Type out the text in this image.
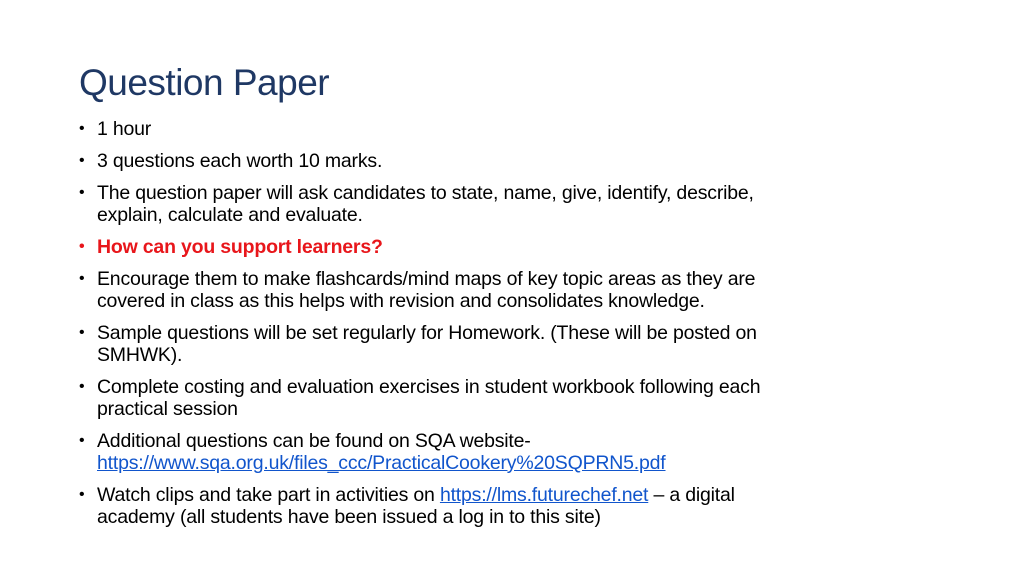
Question Paper
• 1 hour
• 3 questions each worth 10 marks.
• The question paper will ask candidates to state, name, give, identify, describe,
explain, calculate and evaluate.
• How can you support learners?
• Encourage them to make flashcards/mind maps of key topic areas as they are
covered in class as this helps with revision and consolidates knowledge.
• Sample questions will be set regularly for Homework. (These will be posted on
SMHWK).
• Complete costing and evaluation exercises in student workbook following each
practical session
• Additional questions can be found on SQA website-
https://www.sqa.org.uk/files_ccc/PracticalCookery%20SQPRN5.pdf
• Watch clips and take part in activities on https://lms.futurechef.net – a digital
academy (all students have been issued a log in to this site)
